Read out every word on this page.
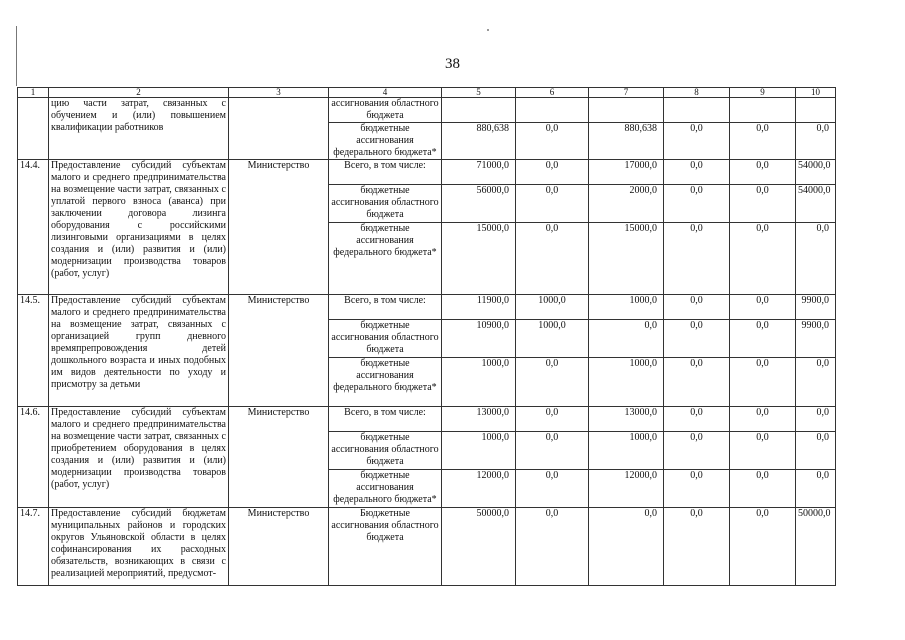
38
1	2	3	4	5	6	7	8	9	10
	цию части затрат, связанных с обучением и (или) повышением квалификации работников		ассигнования областного бюджета						
			бюджетные ассигнования федерального бюджета*	880,638	0,0	880,638	0,0	0,0	0,0
14.4.	Предоставление субсидий субъектам малого и среднего предпринимательства на возмещение части затрат, связанных с уплатой первого взноса (аванса) при заключении договора лизинга оборудования с российскими лизинговыми организациями в целях создания и (или) развития и (или) модернизации производства товаров (работ, услуг)	Министерство	Всего, в том числе:	71000,0	0,0	17000,0	0,0	0,0	54000,0
			бюджетные ассигнования областного бюджета	56000,0	0,0	2000,0	0,0	0,0	54000,0
			бюджетные ассигнования федерального бюджета*	15000,0	0,0	15000,0	0,0	0,0	0,0
14.5.	Предоставление субсидий субъектам малого и среднего предпринимательства на возмещение затрат, связанных с организацией групп дневного времяпрепровождения детей дошкольного возраста и иных подобных им видов деятельности по уходу и присмотру за детьми	Министерство	Всего, в том числе:	11900,0	1000,0	1000,0	0,0	0,0	9900,0
			бюджетные ассигнования областного бюджета	10900,0	1000,0	0,0	0,0	0,0	9900,0
			бюджетные ассигнования федерального бюджета*	1000,0	0,0	1000,0	0,0	0,0	0,0
14.6.	Предоставление субсидий субъектам малого и среднего предпринимательства на возмещение части затрат, связанных с приобретением оборудования в целях создания и (или) развития и (или) модернизации производства товаров (работ, услуг)	Министерство	Всего, в том числе:	13000,0	0,0	13000,0	0,0	0,0	0,0
			бюджетные ассигнования областного бюджета	1000,0	0,0	1000,0	0,0	0,0	0,0
			бюджетные ассигнования федерального бюджета*	12000,0	0,0	12000,0	0,0	0,0	0,0
14.7.	Предоставление субсидий бюджетам муниципальных районов и городских округов Ульяновской области в целях софинансирования их расходных обязательств, возникающих в связи с реализацией мероприятий, предусмот-	Министерство	Бюджетные ассигнования областного бюджета	50000,0	0,0	0,0	0,0	0,0	50000,0
